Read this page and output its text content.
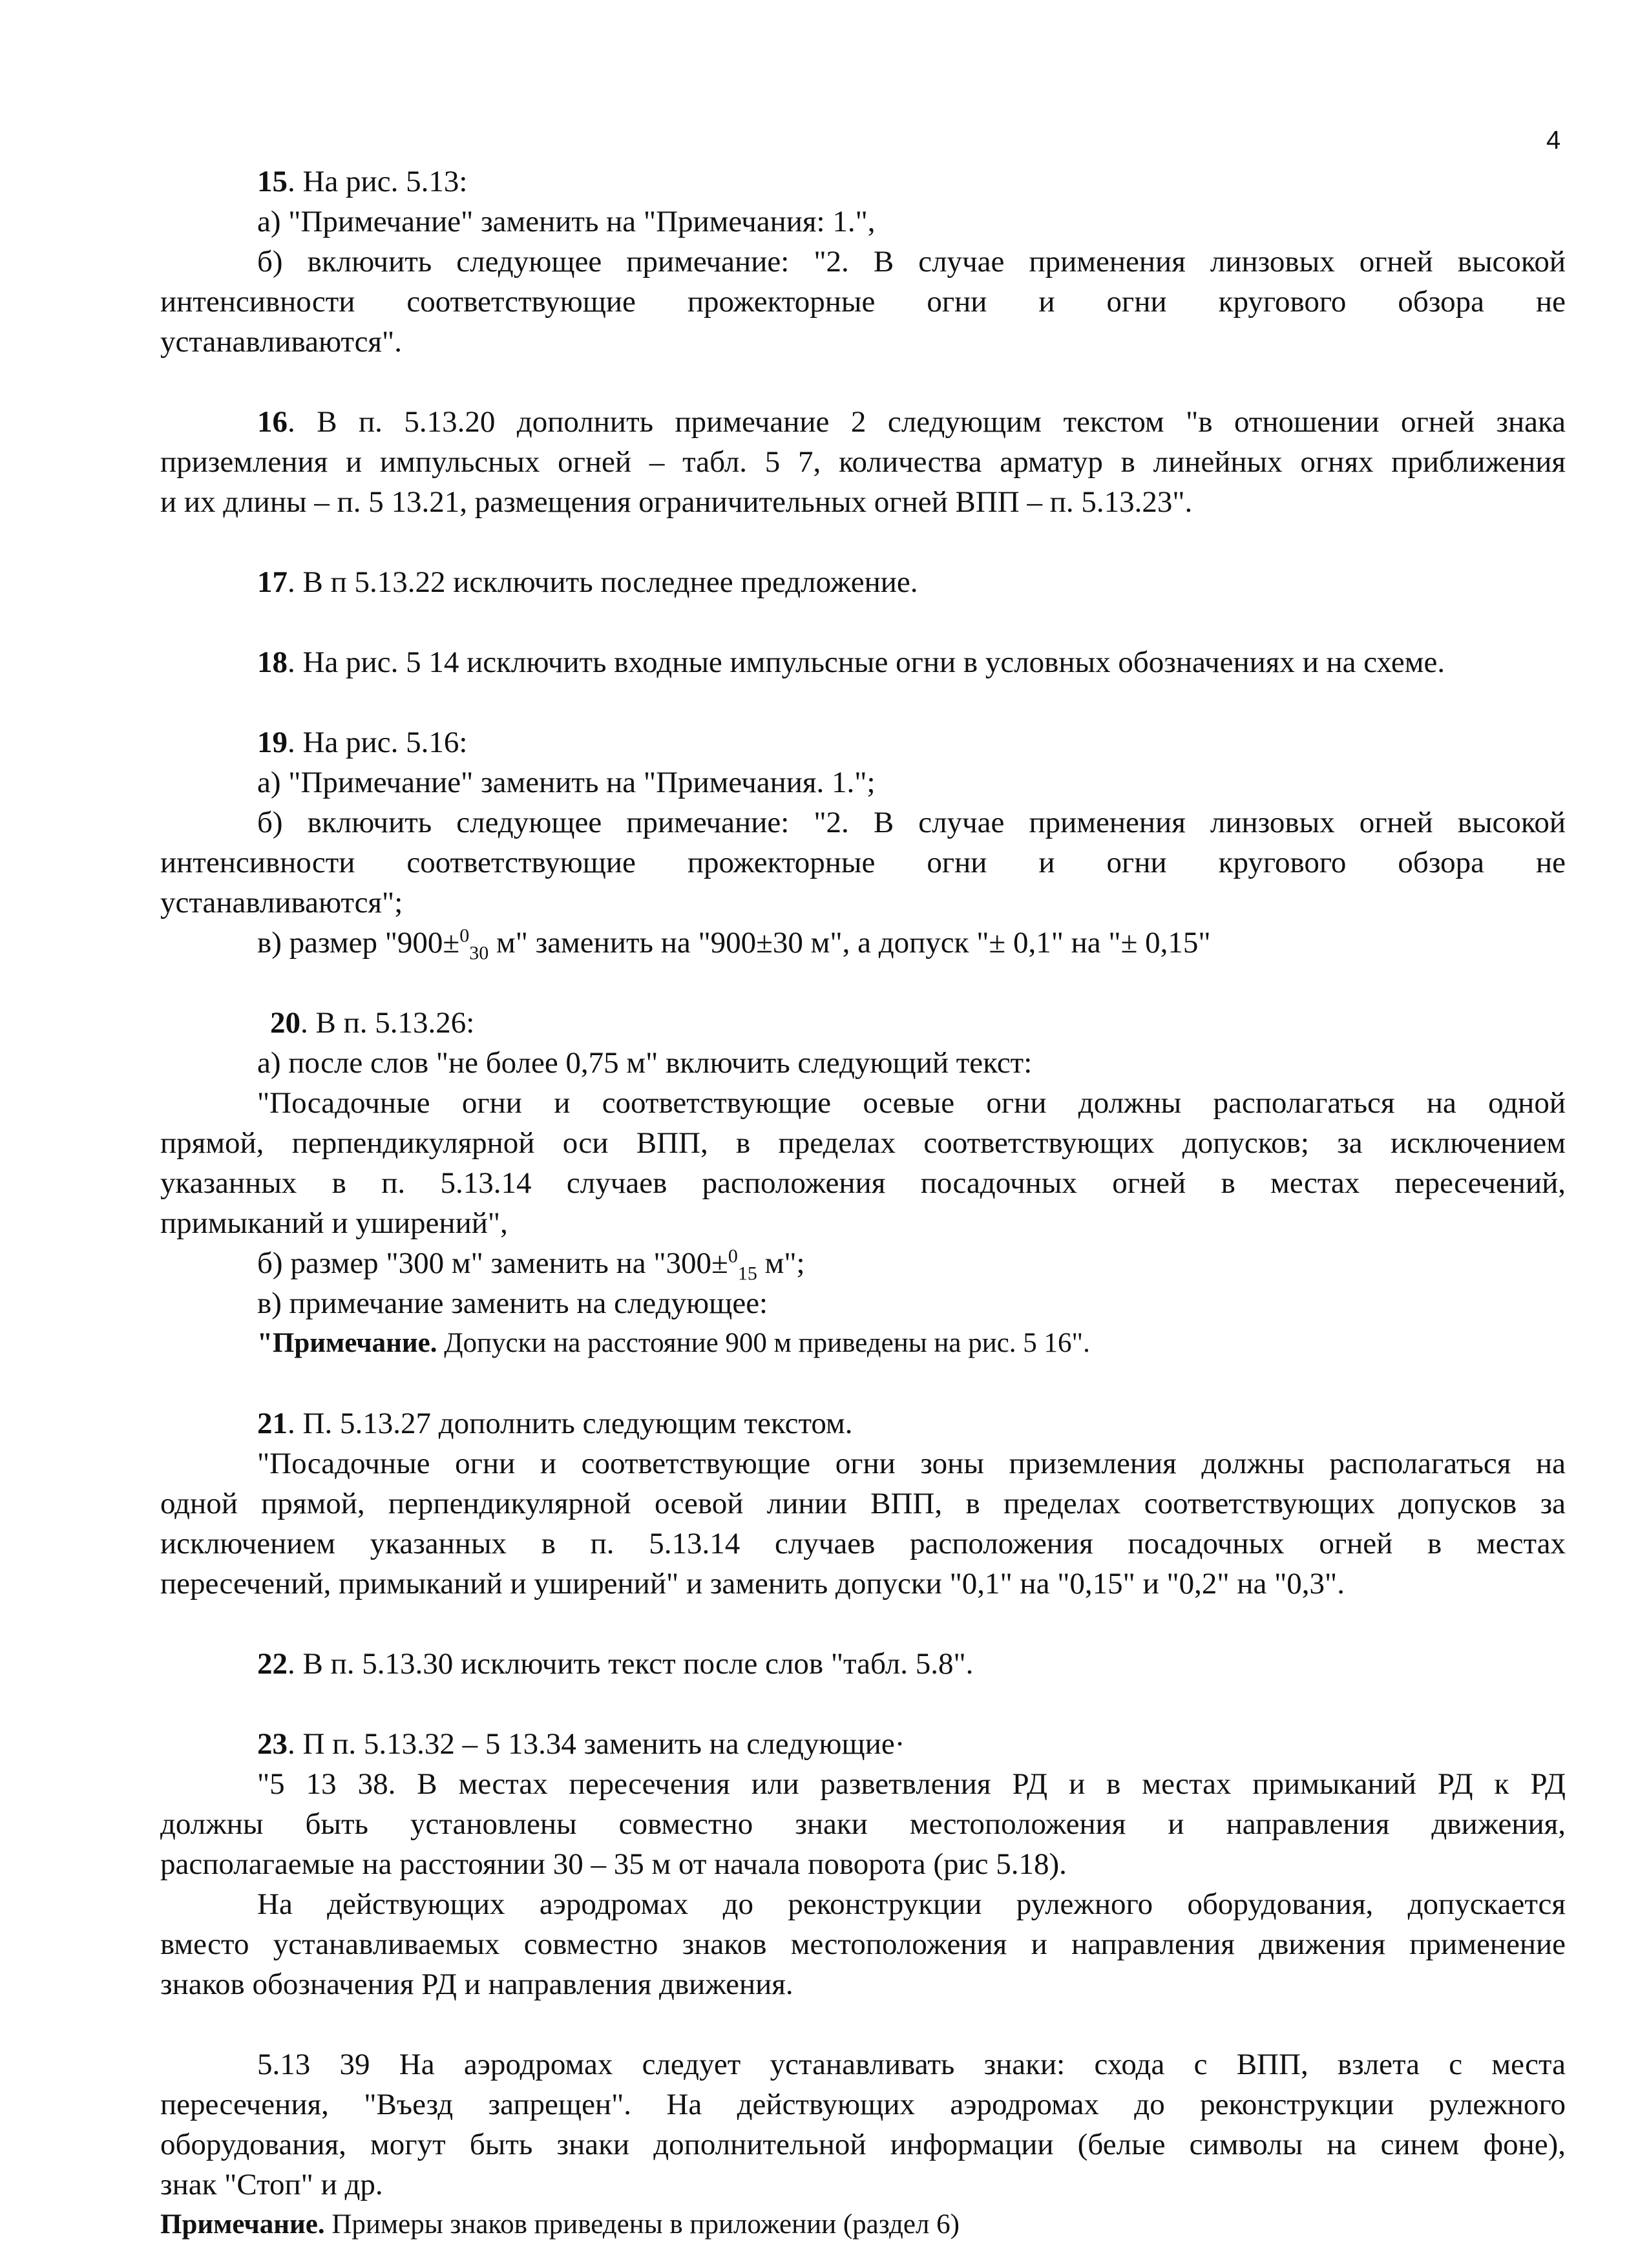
4
15. На рис. 5.13:
а) "Примечание" заменить на "Примечания: 1.",
б) включить следующее примечание: "2. В случае применения линзовых огней высокой
интенсивности соответствующие прожекторные огни и огни кругового обзора не
устанавливаются".
16. В п. 5.13.20 дополнить примечание 2 следующим текстом "в отношении огней знака
приземления и импульсных огней – табл. 5 7, количества арматур в линейных огнях приближения
и их длины – п. 5 13.21, размещения ограничительных огней ВПП – п. 5.13.23".
17. В п 5.13.22 исключить последнее предложение.
18. На рис. 5 14 исключить входные импульсные огни в условных обозначениях и на схеме.
19. На рис. 5.16:
а) "Примечание" заменить на "Примечания. 1.";
б) включить следующее примечание: "2. В случае применения линзовых огней высокой
интенсивности соответствующие прожекторные огни и огни кругового обзора не
устанавливаются";
в) размер "900±$^0_{30}$ м" заменить на "900±30 м", а допуск "± 0,1" на "± 0,15"
20. В п. 5.13.26:
а) после слов "не более 0,75 м" включить следующий текст:
"Посадочные огни и соответствующие осевые огни должны располагаться на одной
прямой, перпендикулярной оси ВПП, в пределах соответствующих допусков; за исключением
указанных в п. 5.13.14 случаев расположения посадочных огней в местах пересечений,
примыканий и уширений",
б) размер "300 м" заменить на "300±$^0_{15}$ м";
в) примечание заменить на следующее:
"Примечание. Допуски на расстояние 900 м приведены на рис. 5 16".
21. П. 5.13.27 дополнить следующим текстом.
"Посадочные огни и соответствующие огни зоны приземления должны располагаться на
одной прямой, перпендикулярной осевой линии ВПП, в пределах соответствующих допусков за
исключением указанных в п. 5.13.14 случаев расположения посадочных огней в местах
пересечений, примыканий и уширений" и заменить допуски "0,1" на "0,15" и "0,2" на "0,3".
22. В п. 5.13.30 исключить текст после слов "табл. 5.8".
23. П п. 5.13.32 – 5 13.34 заменить на следующие·
"5 13 38. В местах пересечения или разветвления РД и в местах примыканий РД к РД
должны быть установлены совместно знаки местоположения и направления движения,
располагаемые на расстоянии 30 – 35 м от начала поворота (рис 5.18).
На действующих аэродромах до реконструкции рулежного оборудования, допускается
вместо устанавливаемых совместно знаков местоположения и направления движения применение
знаков обозначения РД и направления движения.
5.13 39 На аэродромах следует устанавливать знаки: схода с ВПП, взлета с места
пересечения, "Въезд запрещен". На действующих аэродромах до реконструкции рулежного
оборудования, могут быть знаки дополнительной информации (белые символы на синем фоне),
знак "Стоп" и др.
Примечание. Примеры знаков приведены в приложении (раздел 6)
